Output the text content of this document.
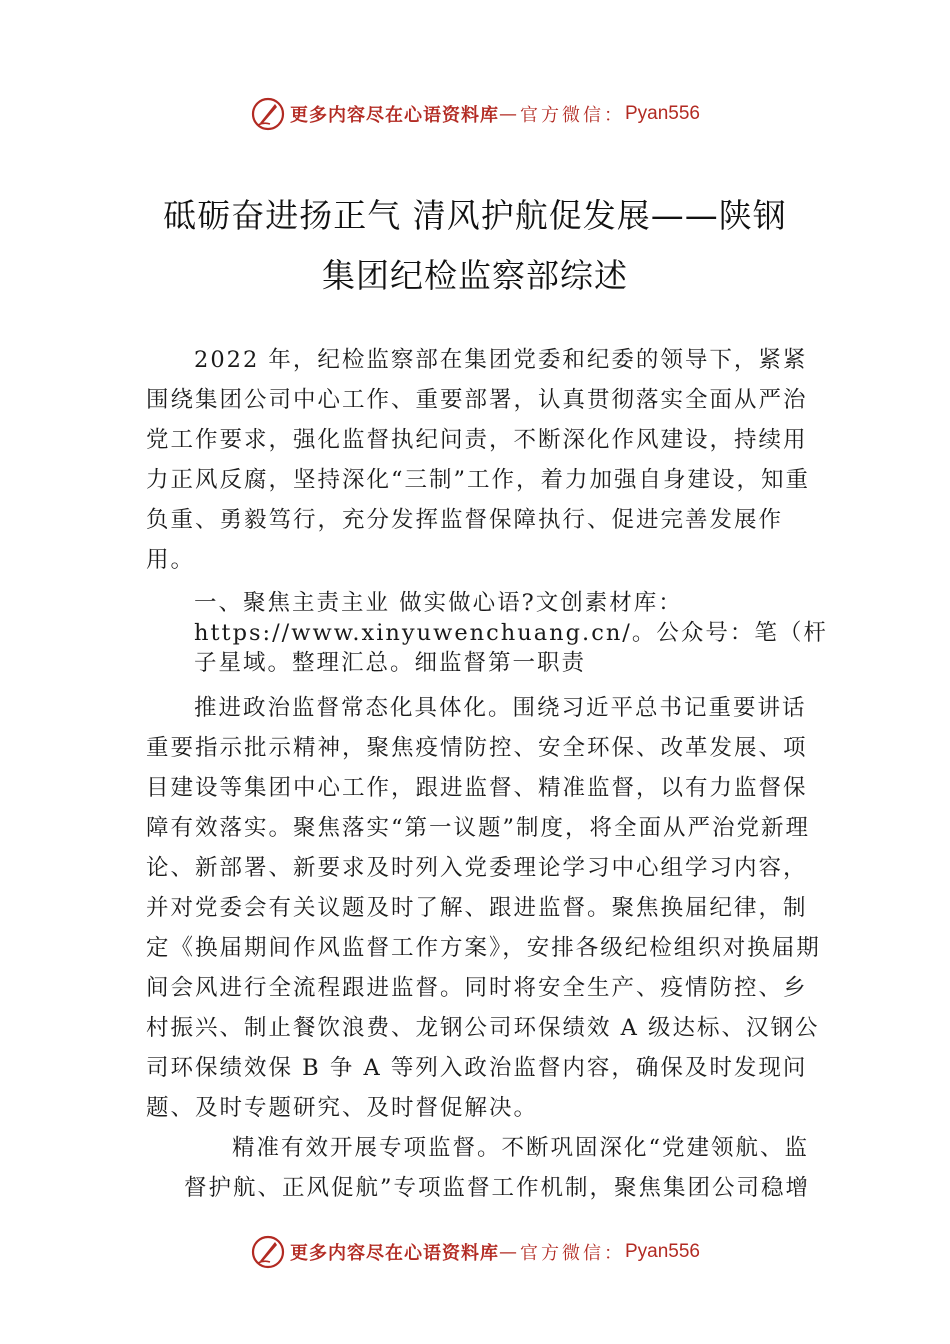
更多内容尽在心语资料库 — 官方微信： Pyan556
砥砺奋进扬正气 清风护航促发展——陕钢
集团纪检监察部综述

2022 年，纪检监察部在集团党委和纪委的领导下，紧紧围绕集团公司中心工作、重要部署，认真贯彻落实全面从严治党工作要求，强化监督执纪问责，不断深化作风建设，持续用力正风反腐，坚持深化“三制”工作，着力加强自身建设，知重负重、勇毅笃行，充分发挥监督保障执行、促进完善发展作用。

一、聚焦主责主业 做实做心语?文创素材库：https://www.xinyuwenchuang.cn/。公众号：笔（杆子星域。整理汇总。细监督第一职责

推进政治监督常态化具体化。围绕习近平总书记重要讲话重要指示批示精神，聚焦疫情防控、安全环保、改革发展、项目建设等集团中心工作，跟进监督、精准监督，以有力监督保障有效落实。聚焦落实“第一议题”制度，将全面从严治党新理论、新部署、新要求及时列入党委理论学习中心组学习内容，并对党委会有关议题及时了解、跟进监督。聚焦换届纪律，制定《换届期间作风监督工作方案》，安排各级纪检组织对换届期间会风进行全流程跟进监督。同时将安全生产、疫情防控、乡村振兴、制止餐饮浪费、龙钢公司环保绩效 A 级达标、汉钢公司环保绩效保 B 争 A 等列入政治监督内容，确保及时发现问题、及时专题研究、及时督促解决。

精准有效开展专项监督。不断巩固深化“党建领航、监督护航、正风促航”专项监督工作机制，聚焦集团公司稳增

更多内容尽在心语资料库 — 官方微信： Pyan556
